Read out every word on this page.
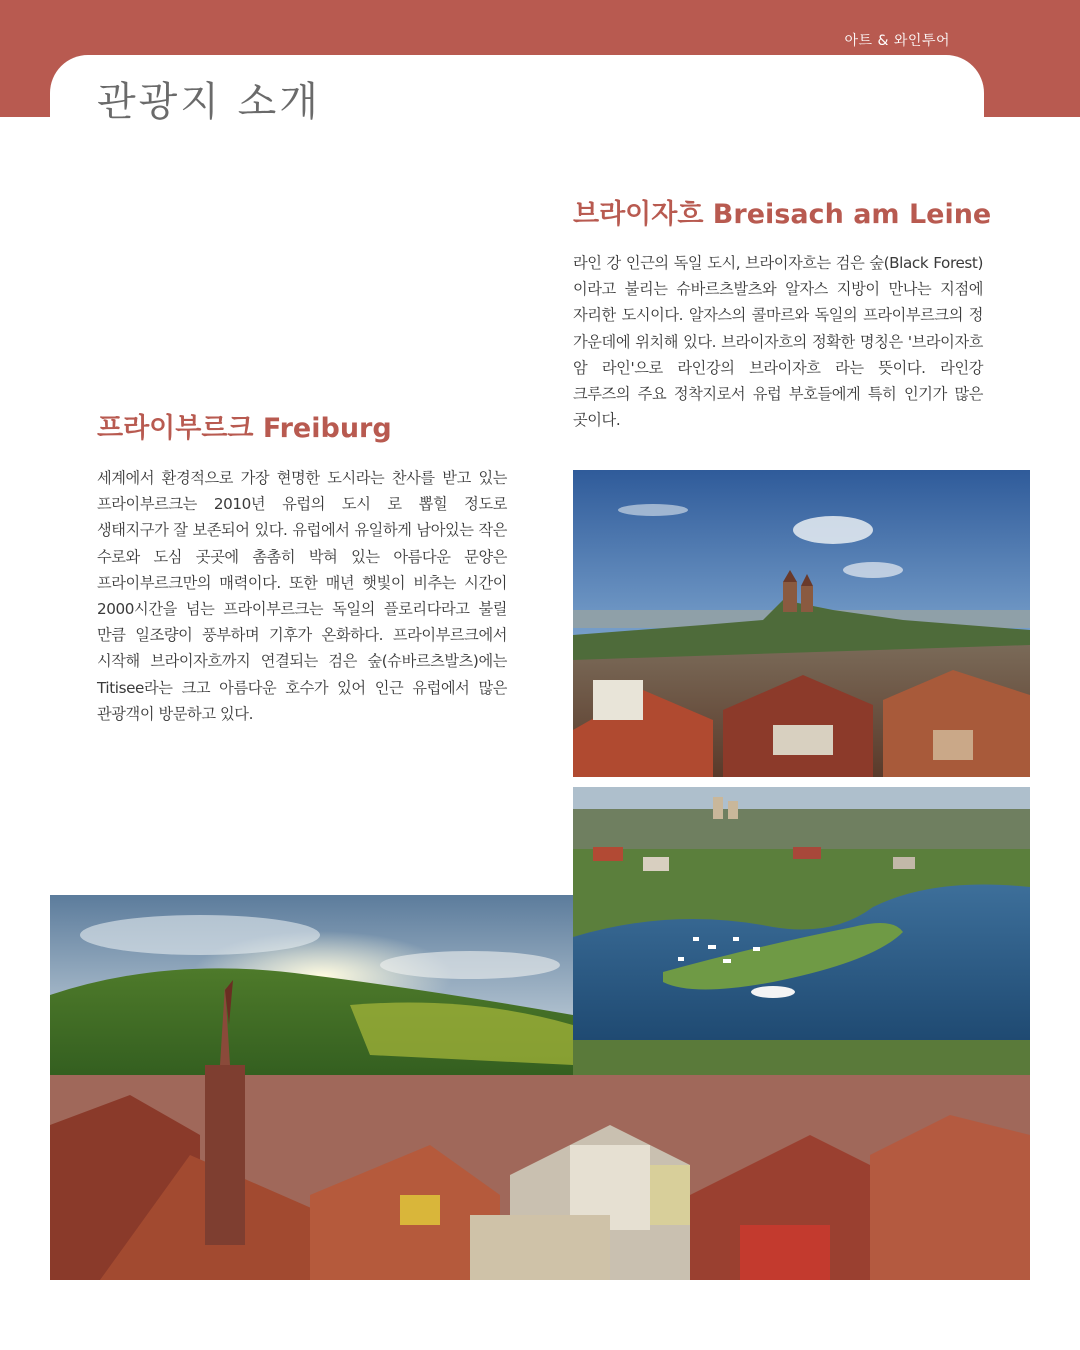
아트 & 와인투어
관광지 소개
브라이자흐 Breisach am Leine

라인 강 인근의 독일 도시, 브라이자흐는 검은 숲(Black Forest)이라고 불리는 슈바르츠발츠와 알자스 지방이 만나는 지점에 자리한 도시이다. 알자스의 콜마르와 독일의 프라이부르크의 정 가운데에 위치해 있다. 브라이자흐의 정확한 명칭은 '브라이자흐 암 라인'으로 라인강의 브라이자흐 라는 뜻이다. 라인강 크루즈의 주요 정착지로서 유럽 부호들에게 특히 인기가 많은 곳이다.

프라이부르크 Freiburg

세계에서 환경적으로 가장 현명한 도시라는 찬사를 받고 있는 프라이부르크는 2010년 유럽의 도시 로 뽑힐 정도로 생태지구가 잘 보존되어 있다. 유럽에서 유일하게 남아있는 작은 수로와 도심 곳곳에 촘촘히 박혀 있는 아름다운 문양은 프라이부르크만의 매력이다. 또한 매년 햇빛이 비추는 시간이 2000시간을 넘는 프라이부르크는 독일의 플로리다라고 불릴 만큼 일조량이 풍부하며 기후가 온화하다. 프라이부르크에서 시작해 브라이자흐까지 연결되는 검은 숲(슈바르츠발츠)에는 Titisee라는 크고 아름다운 호수가 있어 인근 유럽에서 많은 관광객이 방문하고 있다.
